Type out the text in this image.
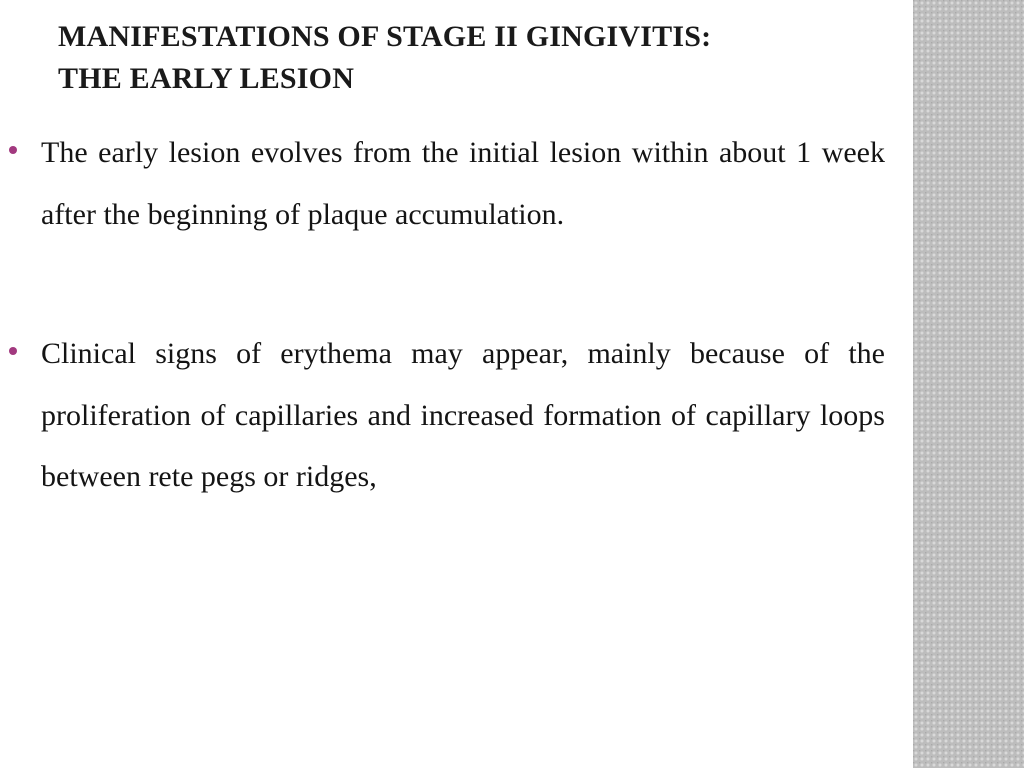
MANIFESTATIONS OF STAGE II GINGIVITIS:
THE EARLY LESION
The early lesion evolves from the initial lesion within about 1 week after the beginning of plaque accumulation.
Clinical signs of erythema may appear, mainly because of the proliferation of capillaries and increased formation of capillary loops between rete pegs or ridges,
